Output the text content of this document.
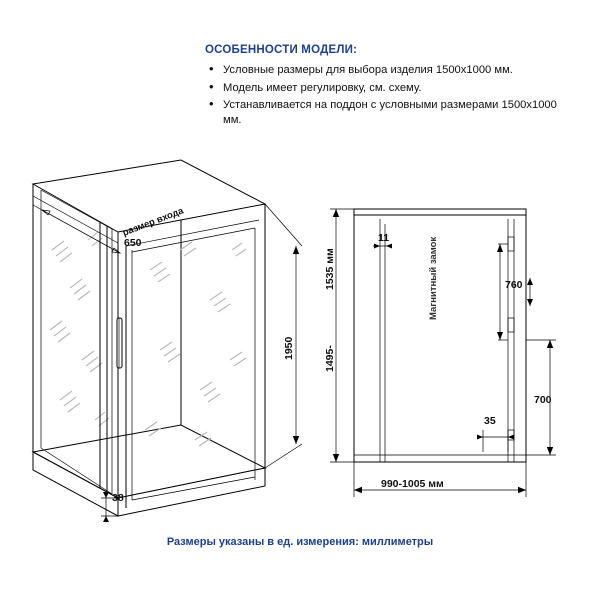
ОСОБЕННОСТИ МОДЕЛИ:
• Условные размеры для выбора изделия 1500x1000 мм.
• Модель имеет регулировку, см. схему.
• Устанавливается на поддон с условными размерами 1500x1000 мм.
размер входа
650
1950
38
Магнитный замок
11
1535 мм
1495-
760
700
35
990-1005 мм
Размеры указаны в ед. измерения: миллиметры
